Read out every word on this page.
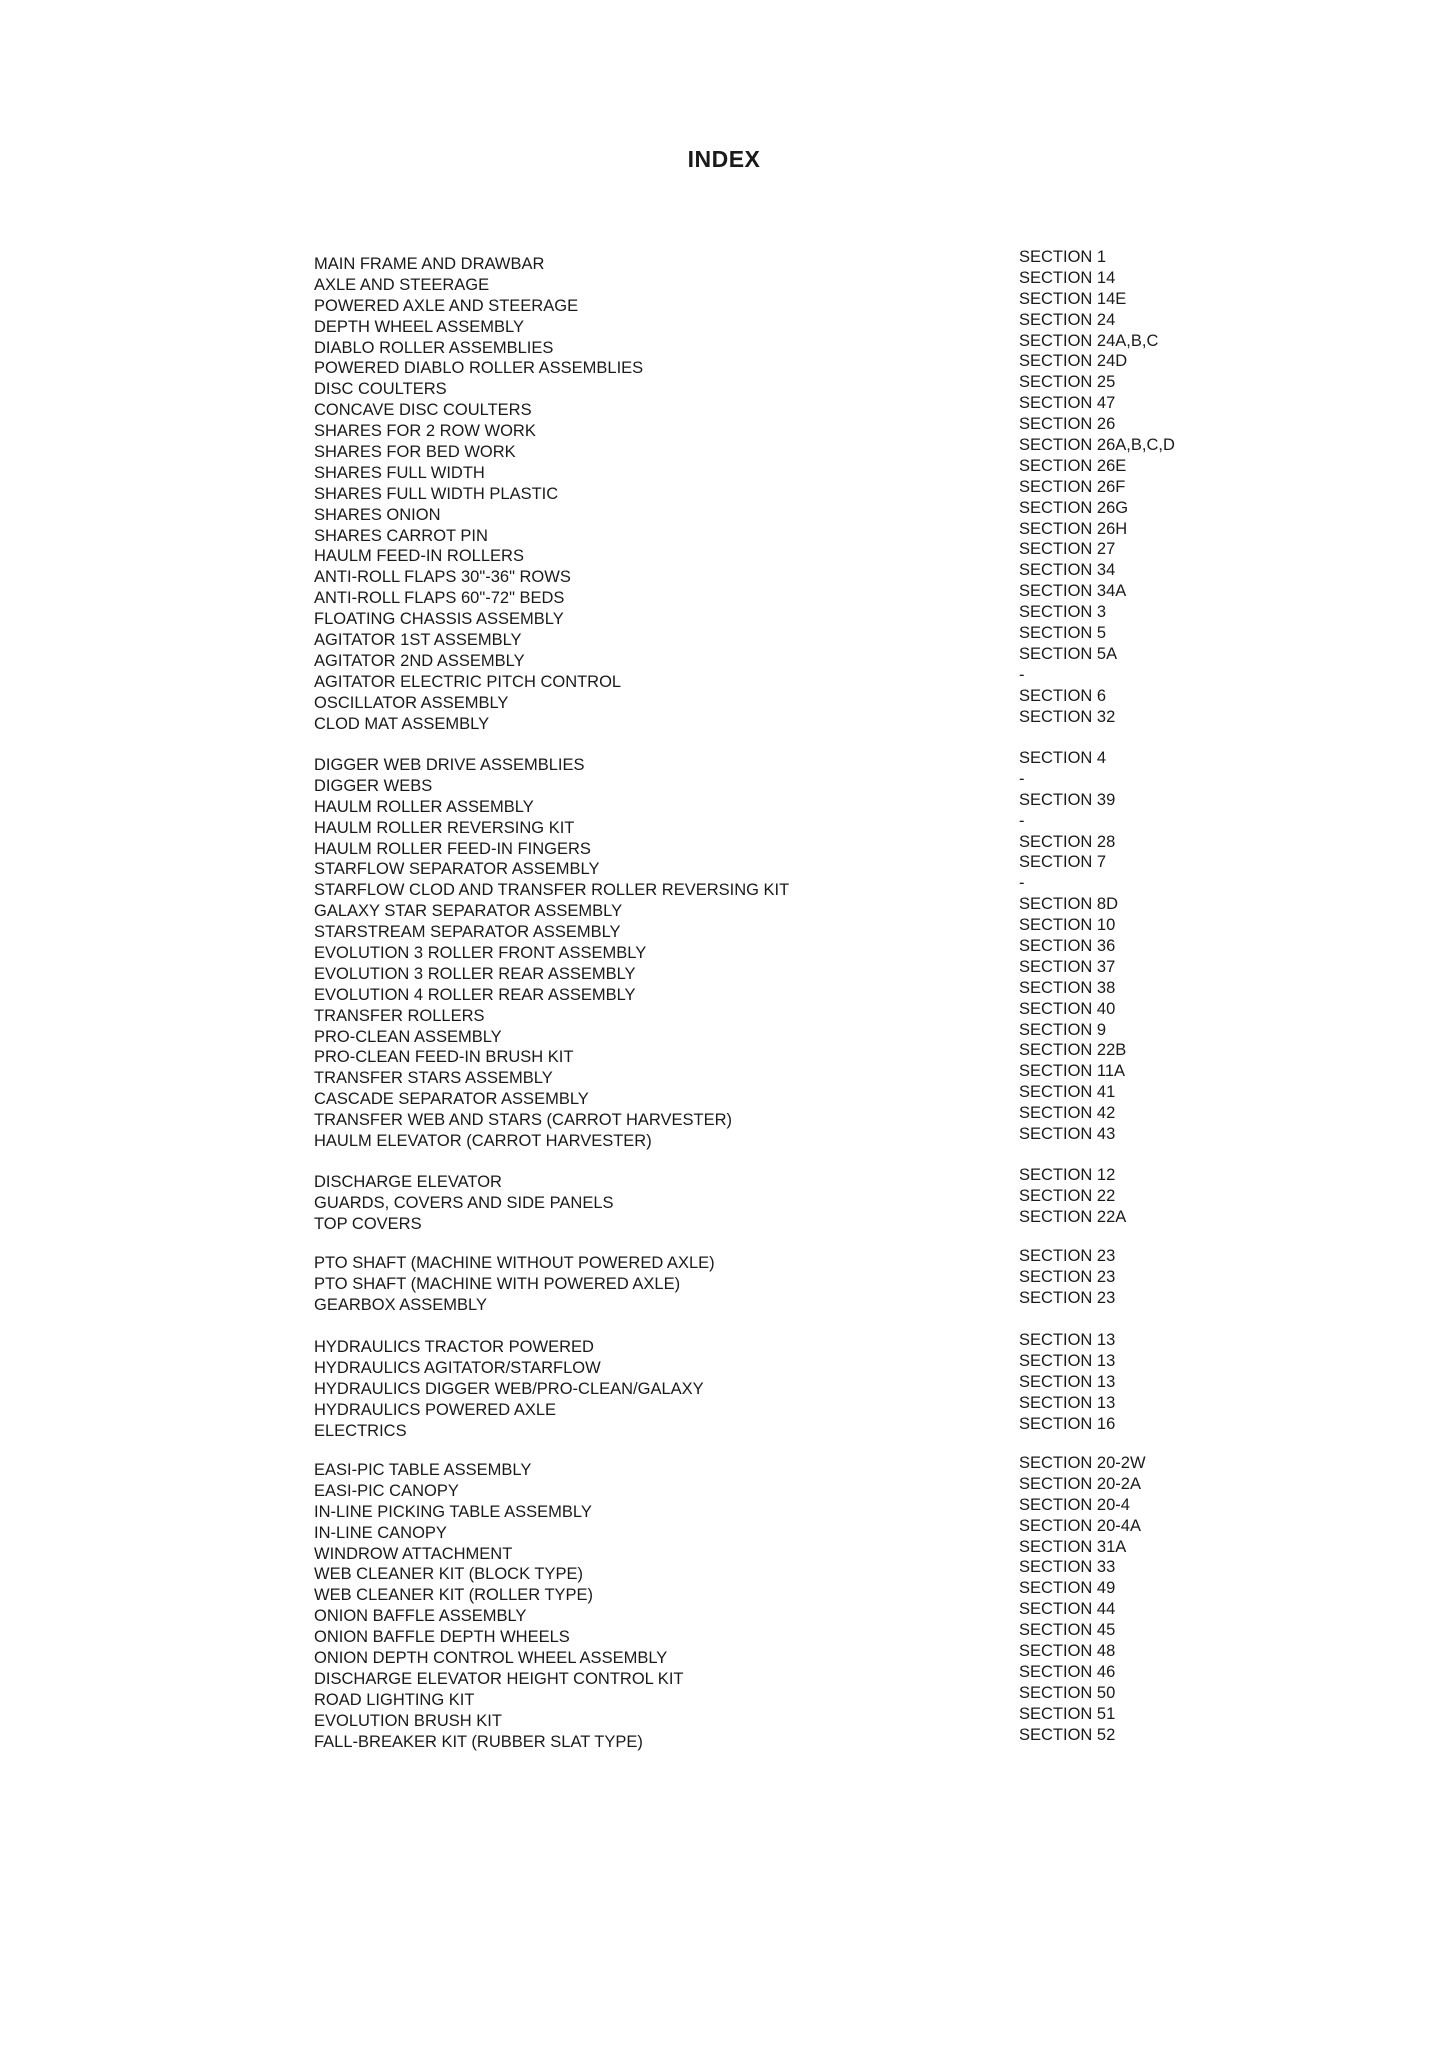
INDEX
MAIN FRAME AND DRAWBAR	SECTION 1
AXLE AND STEERAGE	SECTION 14
POWERED AXLE AND STEERAGE	SECTION 14E
DEPTH WHEEL ASSEMBLY	SECTION 24
DIABLO ROLLER ASSEMBLIES	SECTION 24A,B,C
POWERED DIABLO ROLLER ASSEMBLIES	SECTION 24D
DISC COULTERS	SECTION 25
CONCAVE DISC COULTERS	SECTION 47
SHARES FOR 2 ROW WORK	SECTION 26
SHARES FOR BED WORK	SECTION 26A,B,C,D
SHARES FULL WIDTH	SECTION 26E
SHARES FULL WIDTH PLASTIC	SECTION 26F
SHARES ONION	SECTION 26G
SHARES CARROT PIN	SECTION 26H
HAULM FEED-IN ROLLERS	SECTION 27
ANTI-ROLL FLAPS 30"-36" ROWS	SECTION 34
ANTI-ROLL FLAPS 60"-72" BEDS	SECTION 34A
FLOATING CHASSIS ASSEMBLY	SECTION 3
AGITATOR 1ST ASSEMBLY	SECTION 5
AGITATOR 2ND ASSEMBLY	SECTION 5A
AGITATOR ELECTRIC PITCH CONTROL	-
OSCILLATOR ASSEMBLY	SECTION 6
CLOD MAT ASSEMBLY	SECTION 32
DIGGER WEB DRIVE ASSEMBLIES	SECTION 4
DIGGER WEBS	-
HAULM ROLLER ASSEMBLY	SECTION 39
HAULM ROLLER REVERSING KIT	-
HAULM ROLLER FEED-IN FINGERS	SECTION 28
STARFLOW SEPARATOR ASSEMBLY	SECTION 7
STARFLOW CLOD AND TRANSFER ROLLER REVERSING KIT	-
GALAXY STAR SEPARATOR ASSEMBLY	SECTION 8D
STARSTREAM SEPARATOR ASSEMBLY	SECTION 10
EVOLUTION 3 ROLLER FRONT ASSEMBLY	SECTION 36
EVOLUTION 3 ROLLER REAR ASSEMBLY	SECTION 37
EVOLUTION 4 ROLLER REAR ASSEMBLY	SECTION 38
TRANSFER ROLLERS	SECTION 40
PRO-CLEAN ASSEMBLY	SECTION 9
PRO-CLEAN FEED-IN BRUSH KIT	SECTION 22B
TRANSFER STARS ASSEMBLY	SECTION 11A
CASCADE SEPARATOR ASSEMBLY	SECTION 41
TRANSFER WEB AND STARS (CARROT HARVESTER)	SECTION 42
HAULM ELEVATOR (CARROT HARVESTER)	SECTION 43
DISCHARGE ELEVATOR	SECTION 12
GUARDS, COVERS AND SIDE PANELS	SECTION 22
TOP COVERS	SECTION 22A
PTO SHAFT (MACHINE WITHOUT POWERED AXLE)	SECTION 23
PTO SHAFT (MACHINE WITH POWERED AXLE)	SECTION 23
GEARBOX ASSEMBLY	SECTION 23
HYDRAULICS TRACTOR POWERED	SECTION 13
HYDRAULICS AGITATOR/STARFLOW	SECTION 13
HYDRAULICS DIGGER WEB/PRO-CLEAN/GALAXY	SECTION 13
HYDRAULICS POWERED AXLE	SECTION 13
ELECTRICS	SECTION 16
EASI-PIC TABLE ASSEMBLY	SECTION 20-2W
EASI-PIC CANOPY	SECTION 20-2A
IN-LINE PICKING TABLE ASSEMBLY	SECTION 20-4
IN-LINE CANOPY	SECTION 20-4A
WINDROW ATTACHMENT	SECTION 31A
WEB CLEANER KIT (BLOCK TYPE)	SECTION 33
WEB CLEANER KIT (ROLLER TYPE)	SECTION 49
ONION BAFFLE ASSEMBLY	SECTION 44
ONION BAFFLE DEPTH WHEELS	SECTION 45
ONION DEPTH CONTROL WHEEL ASSEMBLY	SECTION 48
DISCHARGE ELEVATOR HEIGHT CONTROL KIT	SECTION 46
ROAD LIGHTING KIT	SECTION 50
EVOLUTION BRUSH KIT	SECTION 51
FALL-BREAKER KIT (RUBBER SLAT TYPE)	SECTION 52
